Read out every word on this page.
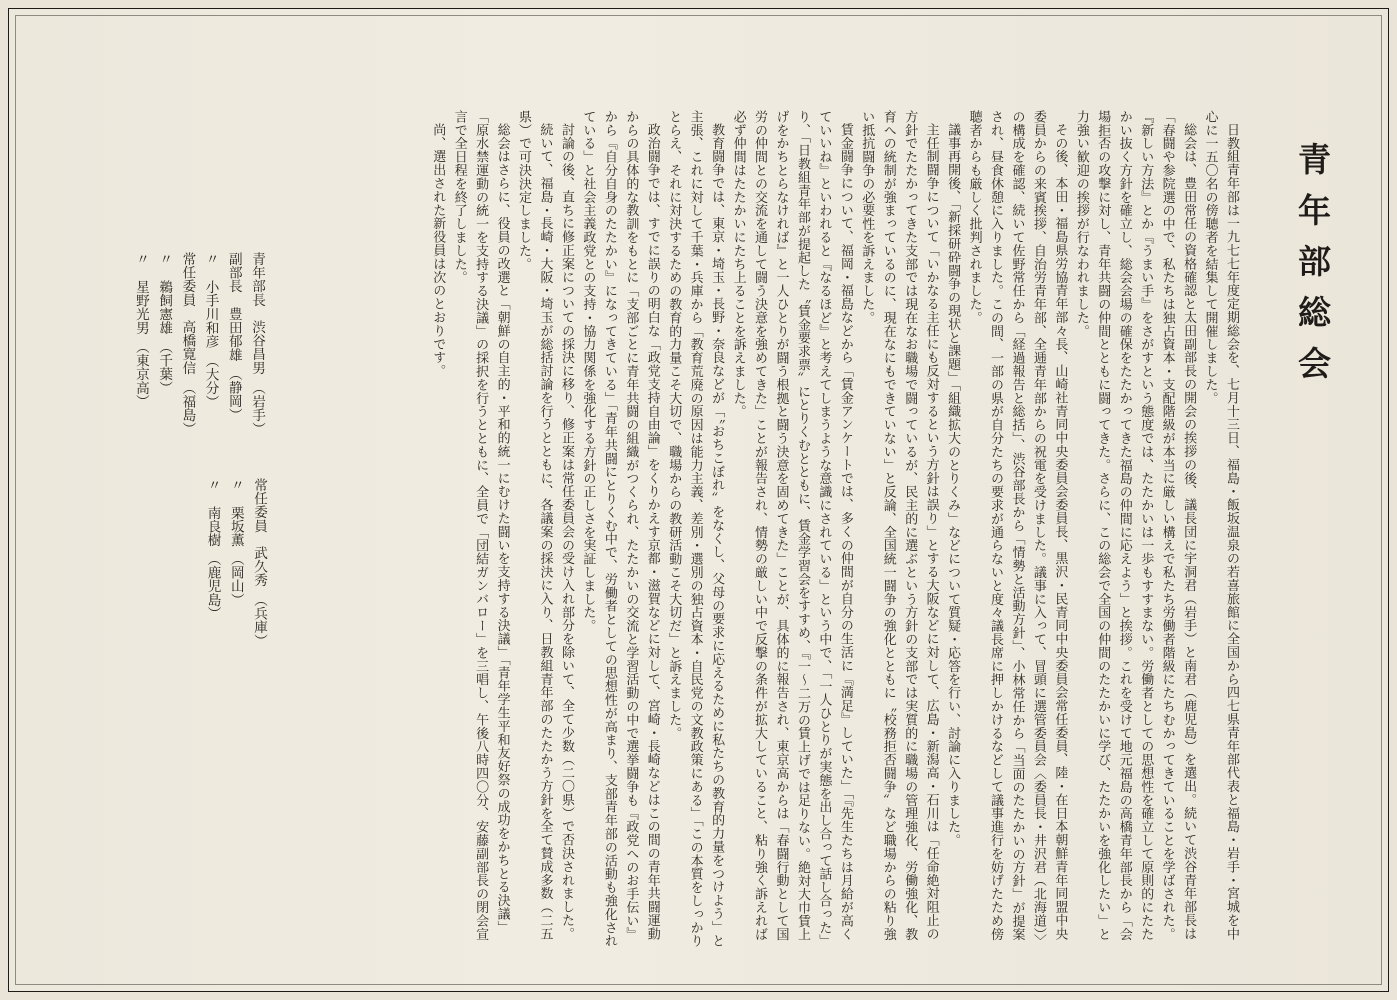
青年部総会

日教組青年部は一九七七年度定期総会を、七月十三日、福島・飯坂温泉の若喜旅館に全国から四七県青年部代表と福島・岩手・宮城を中心に一五〇名の傍聴者を結集して開催しました。

総会は、豊田常任の資格確認と太田副部長の開会の挨拶の後、議長団に宇洞君（岩手）と南君（鹿児島）を選出。続いて渋谷青年部長は「春闘や参院選の中で、私たちは独占資本・支配階級が本当に厳しい構えで私たち労働者階級にたちむかってきていることを学ばされた。『新しい方法』とか『うまい手』をさがすという態度では、たたかいは一歩もすすまない。労働者としての思想性を確立して原則的にたたかい抜く方針を確立し、総会会場の確保をたたかってきた福島の仲間に応えよう」と挨拶。これを受けて地元福島の高橋青年部長から「会場拒否の攻撃に対し、青年共闘の仲間とともに闘ってきた。さらに、この総会で全国の仲間のたたかいに学び、たたかいを強化したい」と力強い歓迎の挨拶が行なわれました。

その後、本田・福島県労協青年部々長、山崎社青同中央委員会委員長、黒沢・民青同中央委員会常任委員、陸・在日本朝鮮青年同盟中央委員からの来賓挨拶、自治労青年部、全逓青年部からの祝電を受けました。議事に入って、冒頭に選管委員会〈委員長・井沢君（北海道）〉の構成を確認、続いて佐野常任から「経過報告と総括」、渋谷部長から「情勢と活動方針」、小林常任から「当面のたたかいの方針」が提案され、昼食休憩に入りました。この間、一部の県が自分たちの要求が通らないと度々議長席に押しかけるなどして議事進行を妨げたため傍聴者からも厳しく批判されました。

議事再開後、「新採研砕闘争の現状と課題」「組織拡大のとりくみ」などについて質疑・応答を行い、討論に入りました。

主任制闘争について「いかなる主任にも反対するという方針は誤り」とする大阪などに対して、広島・新潟高・石川は「任命絶対阻止の方針でたたかってきた支部では現在なお職場で闘っているが、民主的に選ぶという方針の支部では実質的に職場の管理強化、労働強化、教育への統制が強まっているのに、現在なにもできていない」と反論、全国統一闘争の強化とともに〝校務拒否闘争〟など職場からの粘り強い抵抗闘争の必要性を訴えました。

賃金闘争について、福岡・福島などから「賃金アンケートでは、多くの仲間が自分の生活に『満足』していた」「『先生たちは月給が高くていいね』といわれると『なるほど』と考えてしまうような意識にされている」という中で、「一人ひとりが実態を出し合って話し合った」り、「日教組青年部が提起した〝賃金要求票〟にとりくむとともに、賃金学習会をすすめ、『一～二万の賃上げでは足りない。絶対大巾賃上げをかちとらなければ』と一人ひとりが闘う根拠と闘う決意を固めてきた」ことが、具体的に報告され、東京高からは「春闘行動として国労の仲間との交流を通して闘う決意を強めてきた」ことが報告され、情勢の厳しい中で反撃の条件が拡大していること、粘り強く訴えれば必ず仲間はたたかいにたち上ることを訴えました。

教育闘争では、東京・埼玉・長野・奈良などが「〝おちこぼれ〟をなくし、父母の要求に応えるために私たちの教育的力量をつけよう」と主張、これに対して千葉・兵庫から「教育荒廃の原因は能力主義、差別・選別の独占資本・自民党の文教政策にある」「この本質をしっかりとらえ、それに対決するための教育的力量こそ大切で、職場からの教研活動こそ大切だ」と訴えました。

政治闘争では、すでに誤りの明白な「政党支持自由論」をくりかえす京都・滋賀などに対して、宮崎・長崎などはこの間の青年共闘運動からの具体的な教訓をもとに「支部ごとに青年共闘の組織がつくられ、たたかいの交流と学習活動の中で選挙闘争も『政党へのお手伝い』から『自分自身のたたかい』になってきている」「青年共闘にとりくむ中で、労働者としての思想性が高まり、支部青年部の活動も強化されている」と社会主義政党との支持・協力関係を強化する方針の正しさを実証しました。

討論の後、直ちに修正案についての採決に移り、修正案は常任委員会の受け入れ部分を除いて、全て少数（二〇県）で否決されました。

続いて、福島・長崎・大阪・埼玉が総括討論を行うとともに、各議案の採決に入り、日教組青年部のたたかう方針を全て賛成多数（二五県）で可決決定しました。

総会はさらに、役員の改選と「朝鮮の自主的・平和的統一にむけた闘いを支持する決議」「青年学生平和友好祭の成功をかちとる決議」「原水禁運動の統一を支持する決議」の採択を行うとともに、全員で「団結ガンバロー」を三唱し、午後八時四〇分、安藤副部長の閉会宣言で全日程を終了しました。

尚、選出された新役員は次のとおりです。

青年部長渋谷昌男（岩手）
副部長豊田郁雄（静岡）
〃小手川和彦（大分）
常任委員高橋寛信（福島）
〃鵜飼憲雄（千葉）
〃星野光男（東京高）
常任委員武久秀（兵庫）
〃栗坂薫（岡山）
〃南良樹（鹿児島）
